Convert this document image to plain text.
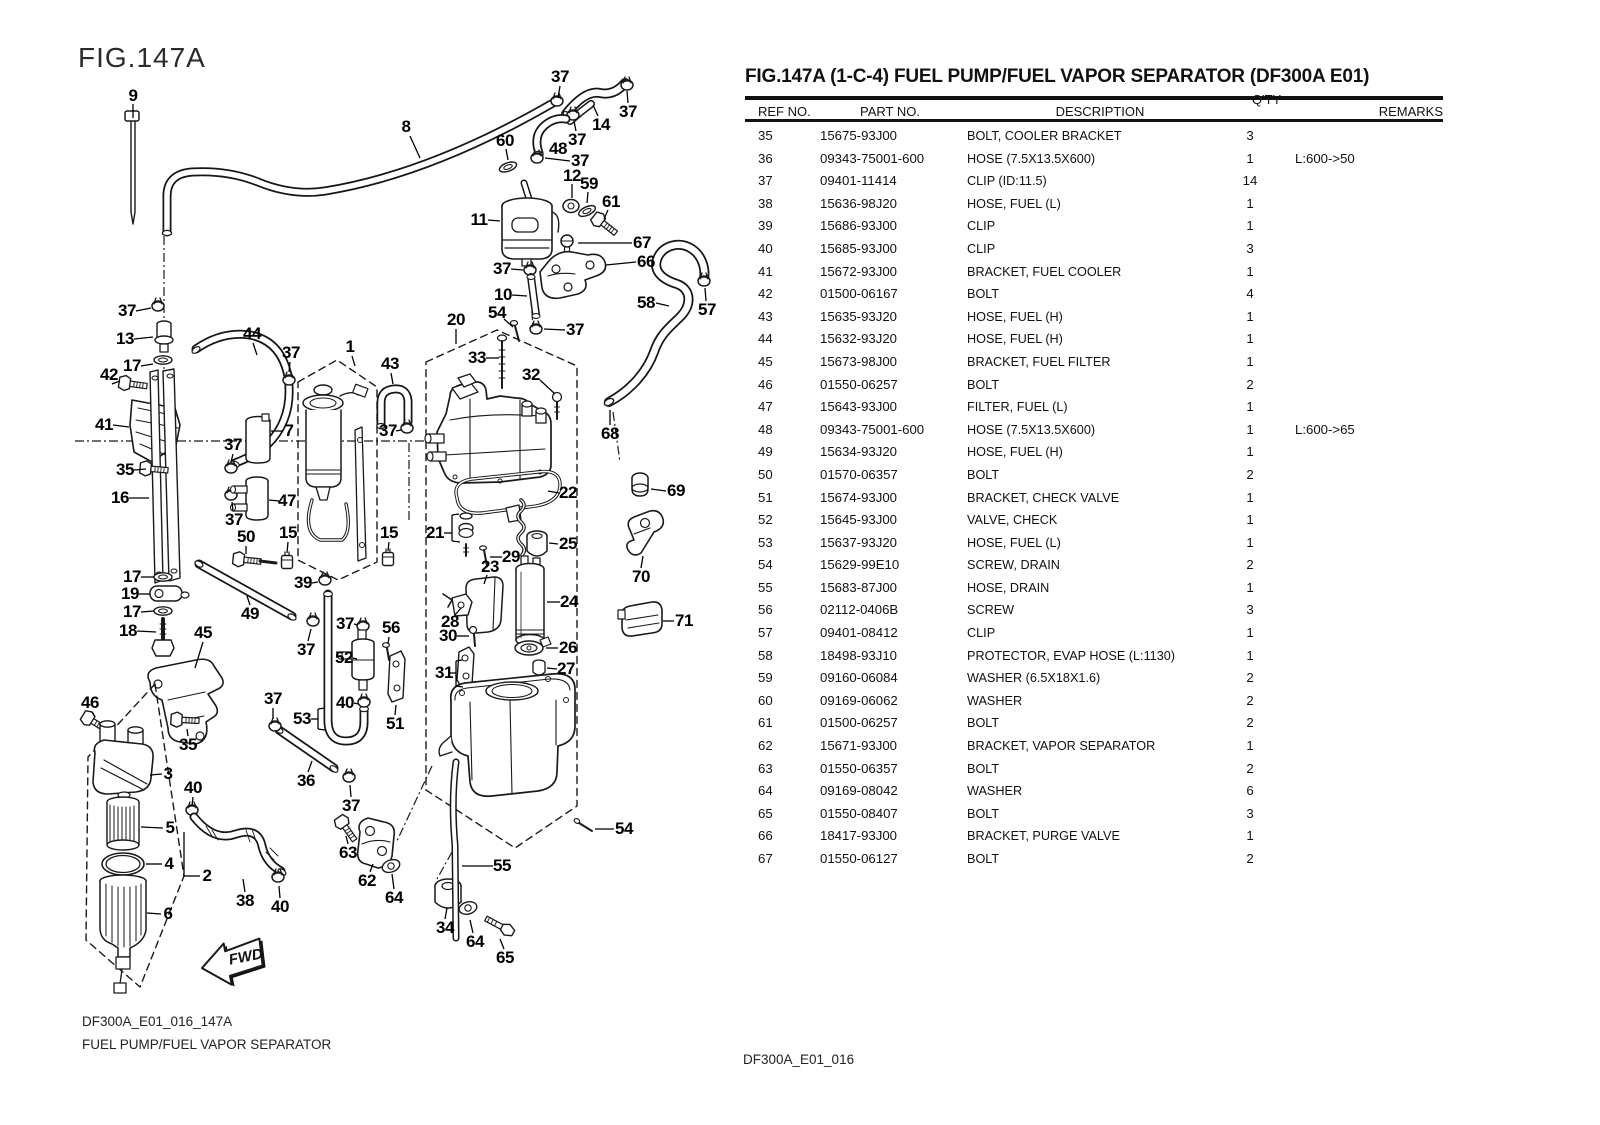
FIG.147A
FWD
9
8
37
37
14
48 37
60
37
12 59
61
11
67
66
37
10	58	57
68
20 54
37
33
32
22	69
21
25
29
23
70
24
28
30
71
26
27
31
34
64
65
55
54
37
13
17
42
41
44
37	1
43
37
7
35
16	47
37
37
50 15	15
17
19
17
18	45
49
39
37 56
52
37
40
51
53
36
37
37
46
35
3
40
5
4
2
6
38 40
63
62
64
FIG.147A (1-C-4) FUEL PUMP/FUEL VAPOR SEPARATOR (DF300A E01)
Q'TY
REF NO.	PART NO.	DESCRIPTION	REMARKS
35	15675-93J00	BOLT, COOLER BRACKET	3
36	09343-75001-600	HOSE (7.5X13.5X600)	1	L:600->50
37	09401-11414	CLIP (ID:11.5)	14
38	15636-98J20	HOSE, FUEL (L)	1
39	15686-93J00	CLIP	1
40	15685-93J00	CLIP	3
41	15672-93J00	BRACKET, FUEL COOLER	1
42	01500-06167	BOLT	4
43	15635-93J20	HOSE, FUEL (H)	1
44	15632-93J20	HOSE, FUEL (H)	1
45	15673-98J00	BRACKET, FUEL FILTER	1
46	01550-06257	BOLT	2
47	15643-93J00	FILTER, FUEL (L)	1
48	09343-75001-600	HOSE (7.5X13.5X600)	1	L:600->65
49	15634-93J20	HOSE, FUEL (H)	1
50	01570-06357	BOLT	2
51	15674-93J00	BRACKET, CHECK VALVE	1
52	15645-93J00	VALVE, CHECK	1
53	15637-93J20	HOSE, FUEL (L)	1
54	15629-99E10	SCREW, DRAIN	2
55	15683-87J00	HOSE, DRAIN	1
56	02112-0406B	SCREW	3
57	09401-08412	CLIP	1
58	18498-93J10	PROTECTOR, EVAP HOSE (L:1130)	1
59	09160-06084	WASHER (6.5X18X1.6)	2
60	09169-06062	WASHER	2
61	01500-06257	BOLT	2
62	15671-93J00	BRACKET, VAPOR SEPARATOR	1
63	01550-06357	BOLT	2
64	09169-08042	WASHER	6
65	01550-08407	BOLT	3
66	18417-93J00	BRACKET, PURGE VALVE	1
67	01550-06127	BOLT	2
DF300A_E01_016_147A
FUEL PUMP/FUEL VAPOR SEPARATOR
DF300A_E01_016
